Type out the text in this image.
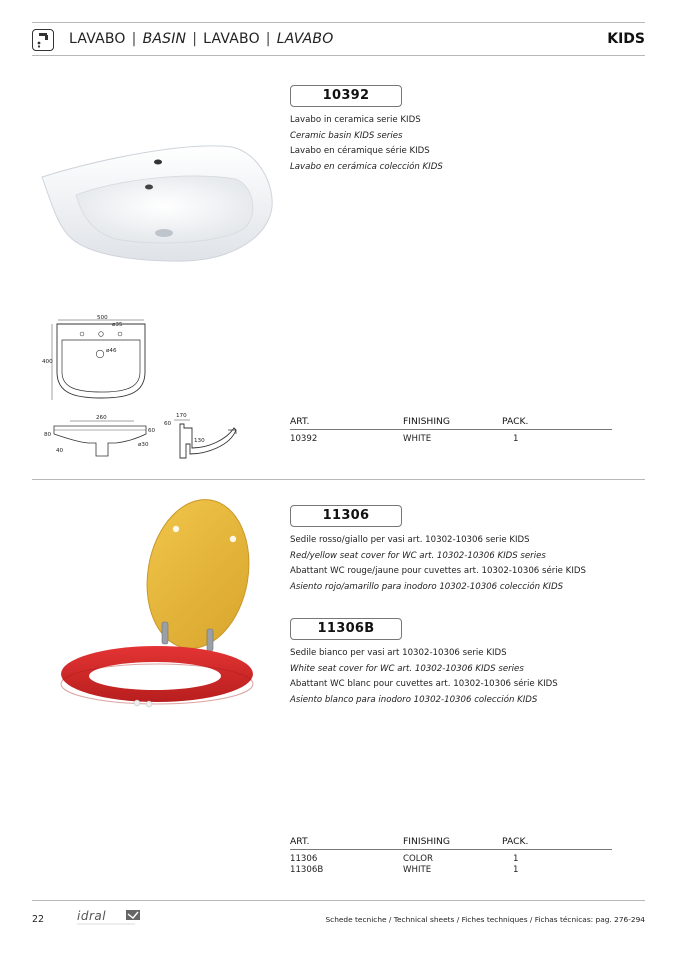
LAVABO | BASIN | LAVABO | LAVABO	KIDS
10392
Lavabo in ceramica serie KIDS
Ceramic basin KIDS series
Lavabo en céramique série KIDS
Lavabo en cerámica colección KIDS
500
ø35
400
ø46
260
80
60
40
ø30
170
60
130
ART.	FINISHING	PACK.
10392	WHITE	1
11306
Sedile rosso/giallo per vasi art. 10302-10306 serie KIDS
Red/yellow seat cover for WC art. 10302-10306 KIDS series
Abattant WC rouge/jaune pour cuvettes art. 10302-10306 série KIDS
Asiento rojo/amarillo para inodoro 10302-10306 colección KIDS
11306B
Sedile bianco per vasi art 10302-10306 serie KIDS
White seat cover for WC art. 10302-10306 KIDS series
Abattant WC blanc pour cuvettes art. 10302-10306 série KIDS
Asiento blanco para inodoro 10302-10306 colección KIDS
ART.	FINISHING	PACK.
11306	COLOR	1
11306B	WHITE	1
22	idral	Schede tecniche / Technical sheets / Fiches techniques / Fichas técnicas: pag. 276-294
